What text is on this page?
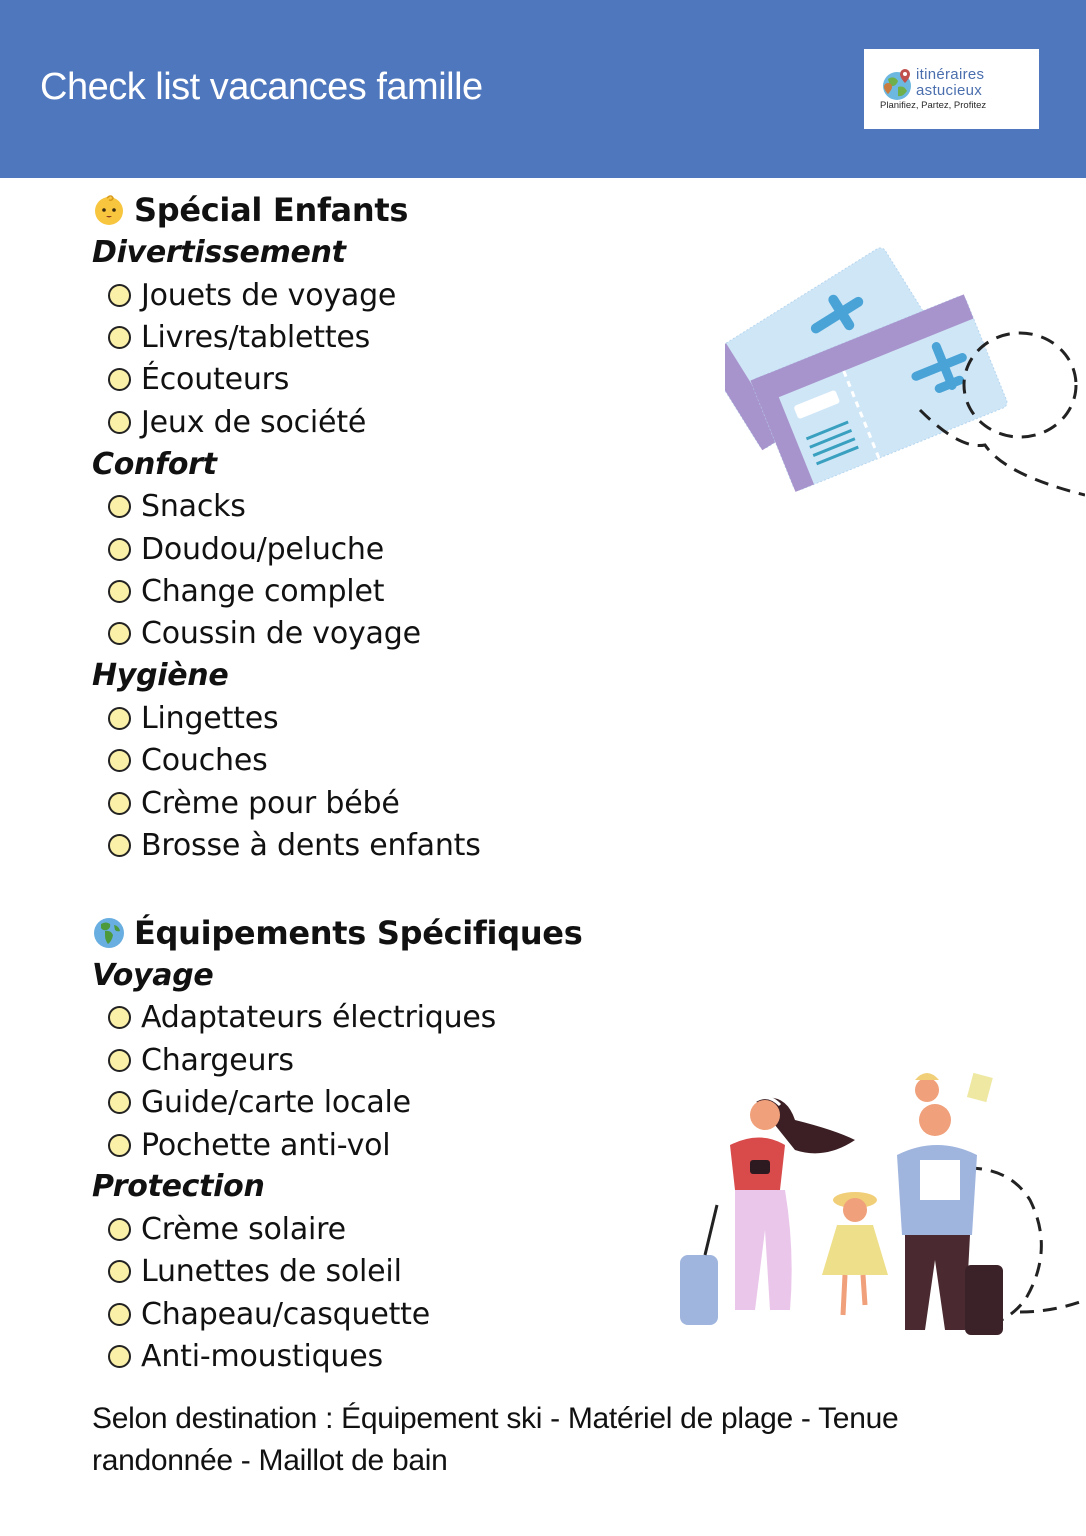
Check list vacances famille	itinéraires
astucieux
Planifiez, Partez, Profitez
Spécial Enfants
Divertissement
Jouets de voyage
Livres/tablettes
Écouteurs
Jeux de société
Confort
Snacks
Doudou/peluche
Change complet
Coussin de voyage
Hygiène
Lingettes
Couches
Crème pour bébé
Brosse à dents enfants
Équipements Spécifiques
Voyage
Adaptateurs électriques
Chargeurs
Guide/carte locale
Pochette anti-vol
Protection
Crème solaire
Lunettes de soleil
Chapeau/casquette
Anti-moustiques
Selon destination : Équipement ski - Matériel de plage - Tenue randonnée - Maillot de bain
